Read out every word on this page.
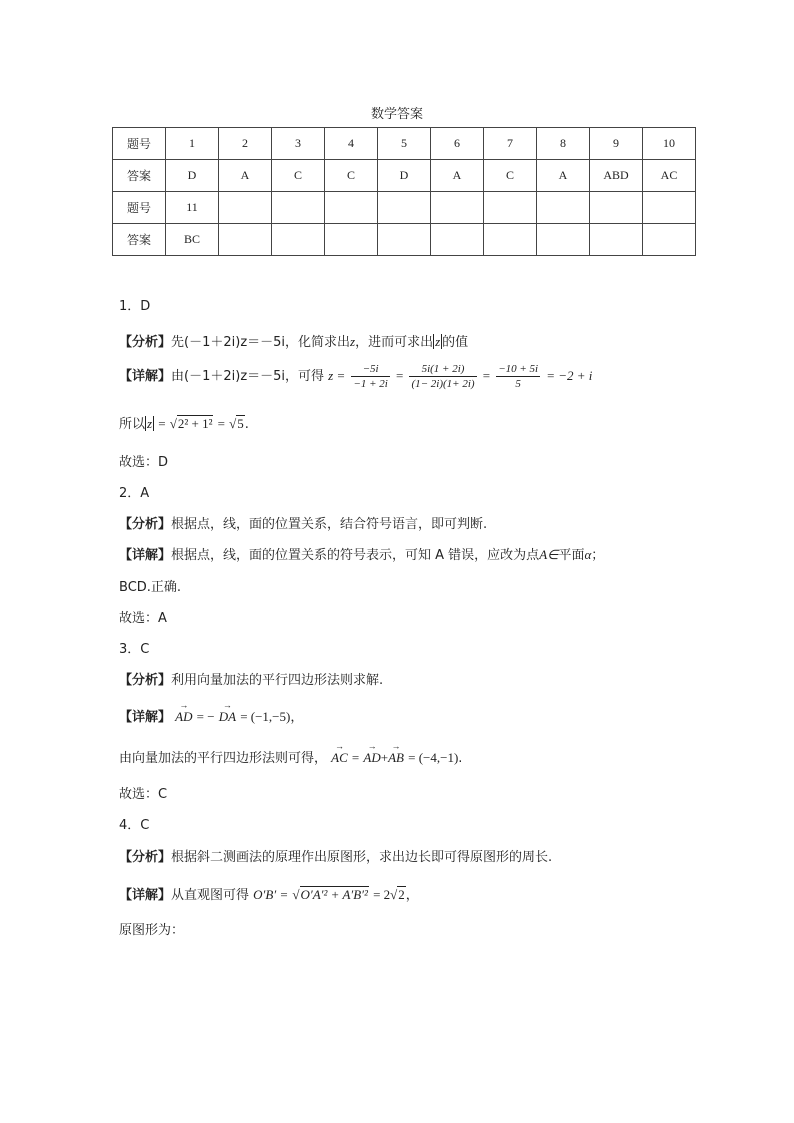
数学答案
题号	1	2	3	4	5	6	7	8	9	10
答案	D	A	C	C	D	A	C	A	ABD	AC
题号	11									
答案	BC									
1．D
【分析】先(－1＋2i)z＝－5i，化简求出z，进而可求出 z 的值
【详解】由(－1＋2i)z＝－5i，可得 $z = \frac{-5i}{-1 + 2i} = \frac{5i(1 + 2i)}{(1- 2i)(1+ 2i)} = \frac{-10 + 5i}{5} = -2 + i$
所以 z = √2² + 1² = √5.
故选：D
2．A
【分析】根据点，线，面的位置关系，结合符号语言，即可判断.
【详解】根据点，线，面的位置关系的符号表示，可知 A 错误，应改为点A∈平面α；
BCD.正确.
故选：A
3．C
【分析】利用向量加法的平行四边形法则求解.
【详解】 → AD = − → DA = (−1,−5)，
由向量加法的平行四边形法则可得， → AC = → AD+→ AB = (−4,−1).
故选：C
4．C
【分析】根据斜二测画法的原理作出原图形，求出边长即可得原图形的周长.
【详解】从直观图可得 O′B′ = √O′A′² + A′B′² = 2√2，
原图形为：
